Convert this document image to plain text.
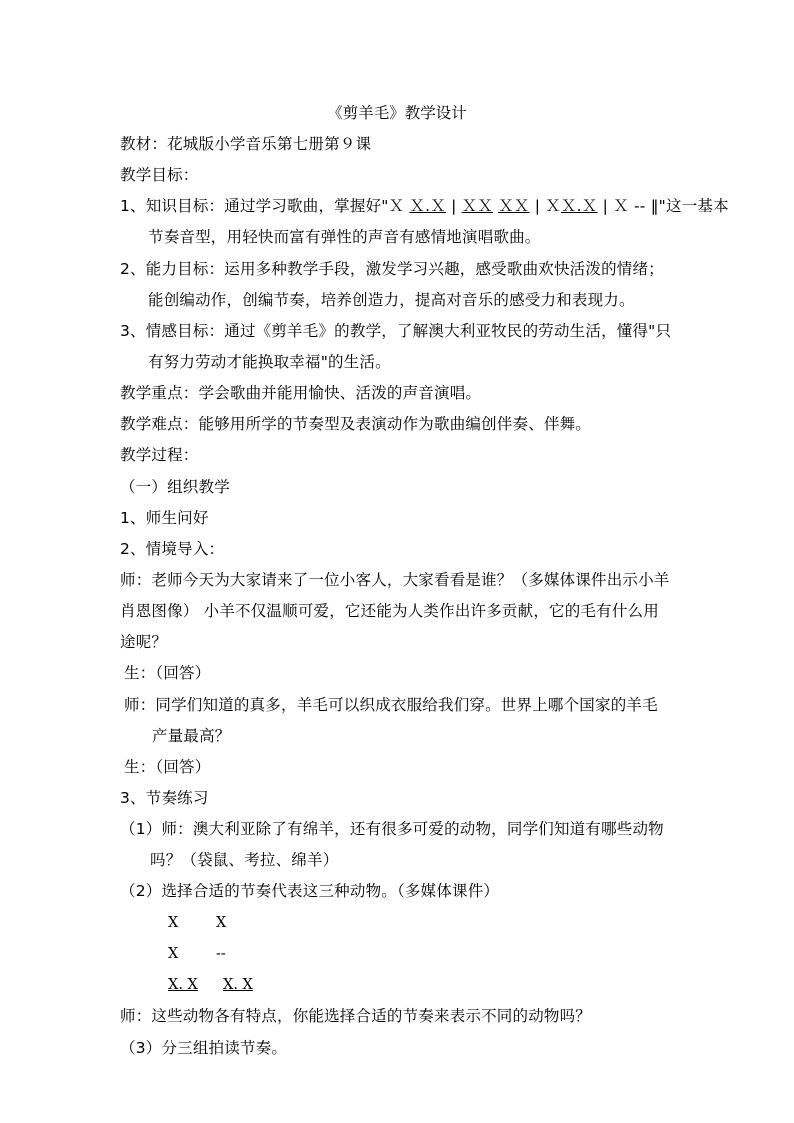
《剪羊毛》教学设计
教材：花城版小学音乐第七册第９课
教学目标：
1、知识目标：通过学习歌曲，掌握好"Ｘ Ｘ.Ｘ | ＸＸ ＸＸ | ＸＸ.Ｘ | Ｘ -- ‖"这一基本
节奏音型，用轻快而富有弹性的声音有感情地演唱歌曲。
2、能力目标：运用多种教学手段，激发学习兴趣，感受歌曲欢快活泼的情绪；
能创编动作，创编节奏，培养创造力，提高对音乐的感受力和表现力。
3、情感目标：通过《剪羊毛》的教学，了解澳大利亚牧民的劳动生活，懂得"只
有努力劳动才能换取幸福"的生活。
教学重点：学会歌曲并能用愉快、活泼的声音演唱。
教学难点：能够用所学的节奏型及表演动作为歌曲编创伴奏、伴舞。
教学过程：
（一）组织教学
1、师生问好
2、情境导入：
师：老师今天为大家请来了一位小客人，大家看看是谁？（多媒体课件出示小羊
肖恩图像） 小羊不仅温顺可爱，它还能为人类作出许多贡献，它的毛有什么用
途呢？
生：（回答）
师：同学们知道的真多，羊毛可以织成衣服给我们穿。世界上哪个国家的羊毛
产量最高？
生：（回答）
3、节奏练习
（1）师：澳大利亚除了有绵羊，还有很多可爱的动物，同学们知道有哪些动物
吗？（袋鼠、考拉、绵羊）
（2）选择合适的节奏代表这三种动物。（多媒体课件）
X	X
X	--
X. X X. X
师：这些动物各有特点，你能选择合适的节奏来表示不同的动物吗？
（3）分三组拍读节奏。
